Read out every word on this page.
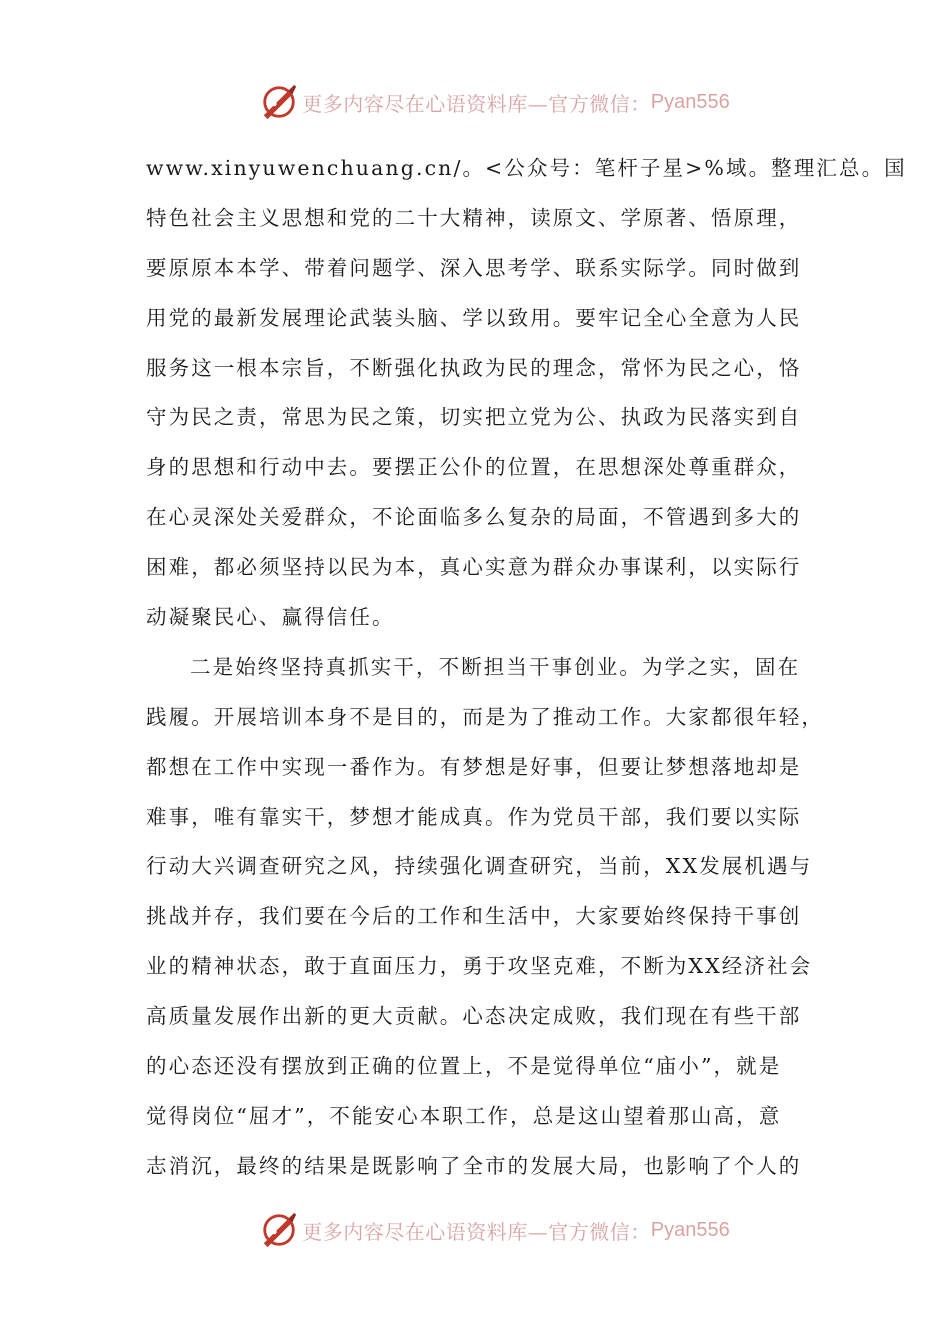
更多内容尽在心语资料库—官方微信： Pyan556
www.xinyuwenchuang.cn/。<公众号：笔杆子星>%域。整理汇总。国
特色社会主义思想和党的二十大精神，读原文、学原著、悟原理，
要原原本本学、带着问题学、深入思考学、联系实际学。同时做到
用党的最新发展理论武装头脑、学以致用。要牢记全心全意为人民
服务这一根本宗旨，不断强化执政为民的理念，常怀为民之心，恪
守为民之责，常思为民之策，切实把立党为公、执政为民落实到自
身的思想和行动中去。要摆正公仆的位置，在思想深处尊重群众，
在心灵深处关爱群众，不论面临多么复杂的局面，不管遇到多大的
困难，都必须坚持以民为本，真心实意为群众办事谋利，以实际行
动凝聚民心、赢得信任。
二是始终坚持真抓实干，不断担当干事创业。为学之实，固在
践履。开展培训本身不是目的，而是为了推动工作。大家都很年轻，
都想在工作中实现一番作为。有梦想是好事，但要让梦想落地却是
难事，唯有靠实干，梦想才能成真。作为党员干部，我们要以实际
行动大兴调查研究之风，持续强化调查研究，当前，XX发展机遇与
挑战并存，我们要在今后的工作和生活中，大家要始终保持干事创
业的精神状态，敢于直面压力，勇于攻坚克难，不断为XX经济社会
高质量发展作出新的更大贡献。心态决定成败，我们现在有些干部
的心态还没有摆放到正确的位置上，不是觉得单位“庙小”，就是
觉得岗位“屈才”，不能安心本职工作，总是这山望着那山高，意
志消沉，最终的结果是既影响了全市的发展大局，也影响了个人的
更多内容尽在心语资料库—官方微信： Pyan556
